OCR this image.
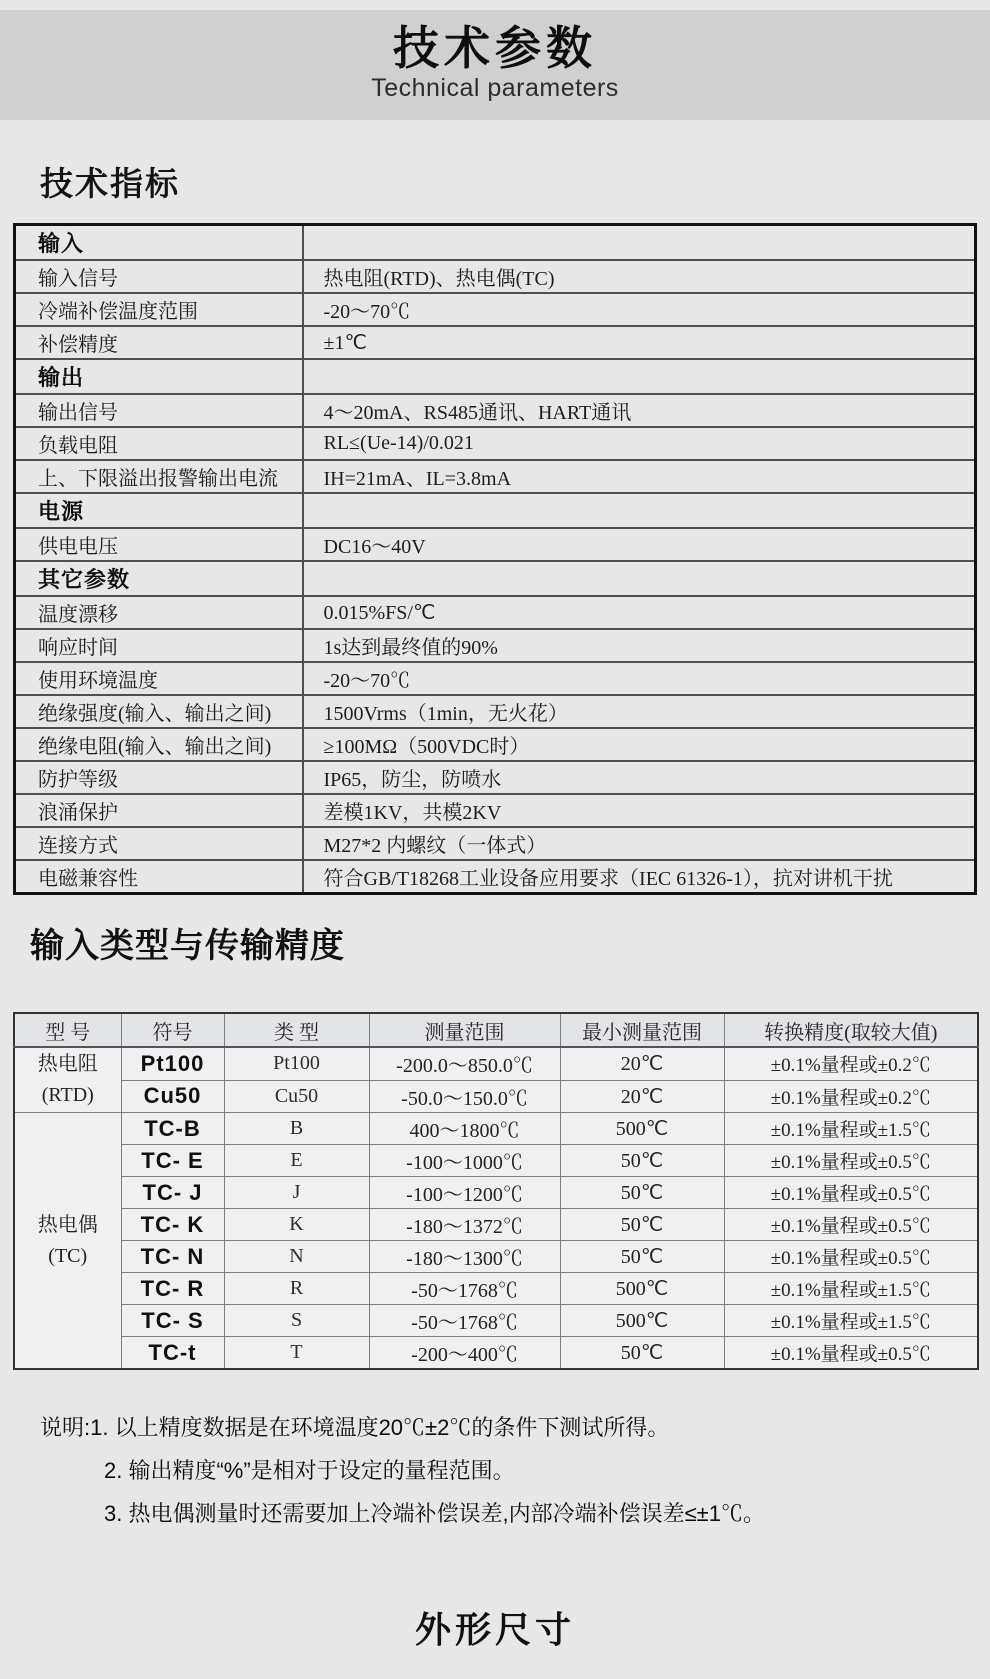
技术参数
Technical parameters
技术指标
输入	
输入信号	热电阻(RTD)、热电偶(TC)
冷端补偿温度范围	-20～70℃
补偿精度	±1℃
输出	
输出信号	4～20mA、RS485通讯、HART通讯
负载电阻	RL≤(Ue-14)/0.021
上、下限溢出报警输出电流	IH=21mA、IL=3.8mA
电源	
供电电压	DC16～40V
其它参数	
温度漂移	0.015%FS/℃
响应时间	1s达到最终值的90%
使用环境温度	-20～70℃
绝缘强度(输入、输出之间)	1500Vrms（1min，无火花）
绝缘电阻(输入、输出之间)	≥100MΩ（500VDC时）
防护等级	IP65，防尘，防喷水
浪涌保护	差模1KV，共模2KV
连接方式	M27*2 内螺纹（一体式）
电磁兼容性	符合GB/T18268工业设备应用要求（IEC 61326-1），抗对讲机干扰
输入类型与传输精度
型 号	符号	类 型	测量范围	最小测量范围	转换精度(取较大值)

热电阻
(RTD)	Pt100	Pt100	-200.0～850.0℃	20℃	±0.1%量程或±0.2℃
	Cu50	Cu50	-50.0～150.0℃	20℃	±0.1%量程或±0.2℃

热电偶
(TC)	TC-B	B	400～1800℃	500℃	±0.1%量程或±1.5℃
	TC- E	E	-100～1000℃	50℃	±0.1%量程或±0.5℃
	TC- J	J	-100～1200℃	50℃	±0.1%量程或±0.5℃
	TC- K	K	-180～1372℃	50℃	±0.1%量程或±0.5℃
	TC- N	N	-180～1300℃	50℃	±0.1%量程或±0.5℃
	TC- R	R	-50～1768℃	500℃	±0.1%量程或±1.5℃
	TC- S	S	-50～1768℃	500℃	±0.1%量程或±1.5℃
	TC-t	T	-200～400℃	50℃	±0.1%量程或±0.5℃
说明:1. 以上精度数据是在环境温度20℃±2℃的条件下测试所得。
2. 输出精度“%”是相对于设定的量程范围。
3. 热电偶测量时还需要加上冷端补偿误差,内部冷端补偿误差≤±1℃。
外形尺寸
